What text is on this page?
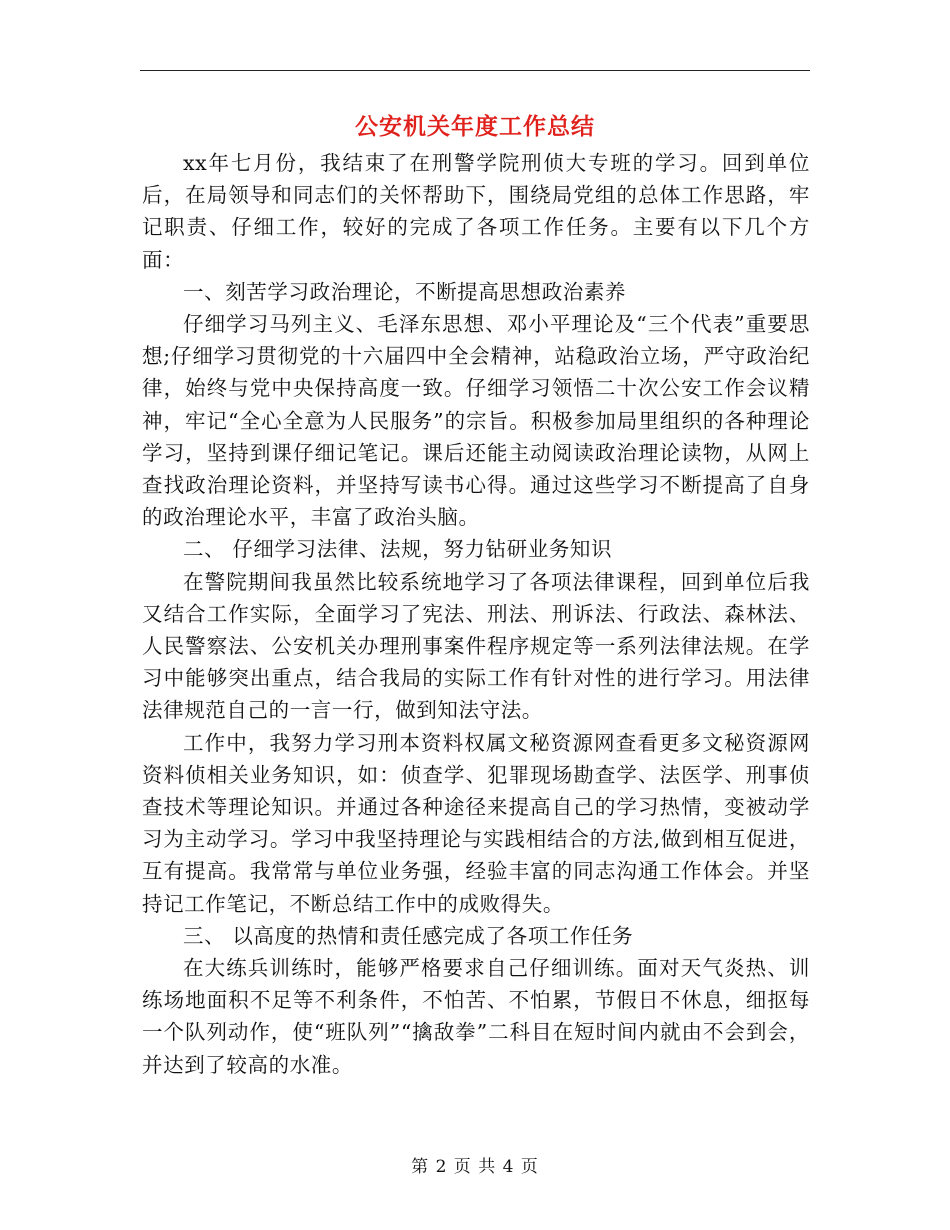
公安机关年度工作总结

xx年七月份，我结束了在刑警学院刑侦大专班的学习。回到单位后，在局领导和同志们的关怀帮助下，围绕局党组的总体工作思路，牢记职责、仔细工作，较好的完成了各项工作任务。主要有以下几个方面：

一、刻苦学习政治理论，不断提高思想政治素养

仔细学习马列主义、毛泽东思想、邓小平理论及“三个代表”重要思想;仔细学习贯彻党的十六届四中全会精神，站稳政治立场，严守政治纪律，始终与党中央保持高度一致。仔细学习领悟二十次公安工作会议精神，牢记“全心全意为人民服务”的宗旨。积极参加局里组织的各种理论学习，坚持到课仔细记笔记。课后还能主动阅读政治理论读物，从网上查找政治理论资料，并坚持写读书心得。通过这些学习不断提高了自身的政治理论水平，丰富了政治头脑。

二、 仔细学习法律、法规，努力钻研业务知识

在警院期间我虽然比较系统地学习了各项法律课程，回到单位后我又结合工作实际，全面学习了宪法、刑法、刑诉法、行政法、森林法、人民警察法、公安机关办理刑事案件程序规定等一系列法律法规。在学习中能够突出重点，结合我局的实际工作有针对性的进行学习。用法律法律规范自己的一言一行，做到知法守法。

工作中，我努力学习刑本资料权属文秘资源网查看更多文秘资源网资料侦相关业务知识，如：侦查学、犯罪现场勘查学、法医学、刑事侦查技术等理论知识。并通过各种途径来提高自己的学习热情，变被动学习为主动学习。学习中我坚持理论与实践相结合的方法,做到相互促进，互有提高。我常常与单位业务强，经验丰富的同志沟通工作体会。并坚持记工作笔记，不断总结工作中的成败得失。

三、 以高度的热情和责任感完成了各项工作任务

在大练兵训练时，能够严格要求自己仔细训练。面对天气炎热、训练场地面积不足等不利条件，不怕苦、不怕累，节假日不休息，细抠每一个队列动作，使“班队列”“擒敌拳”二科目在短时间内就由不会到会，并达到了较高的水准。

第 2 页 共 4 页
